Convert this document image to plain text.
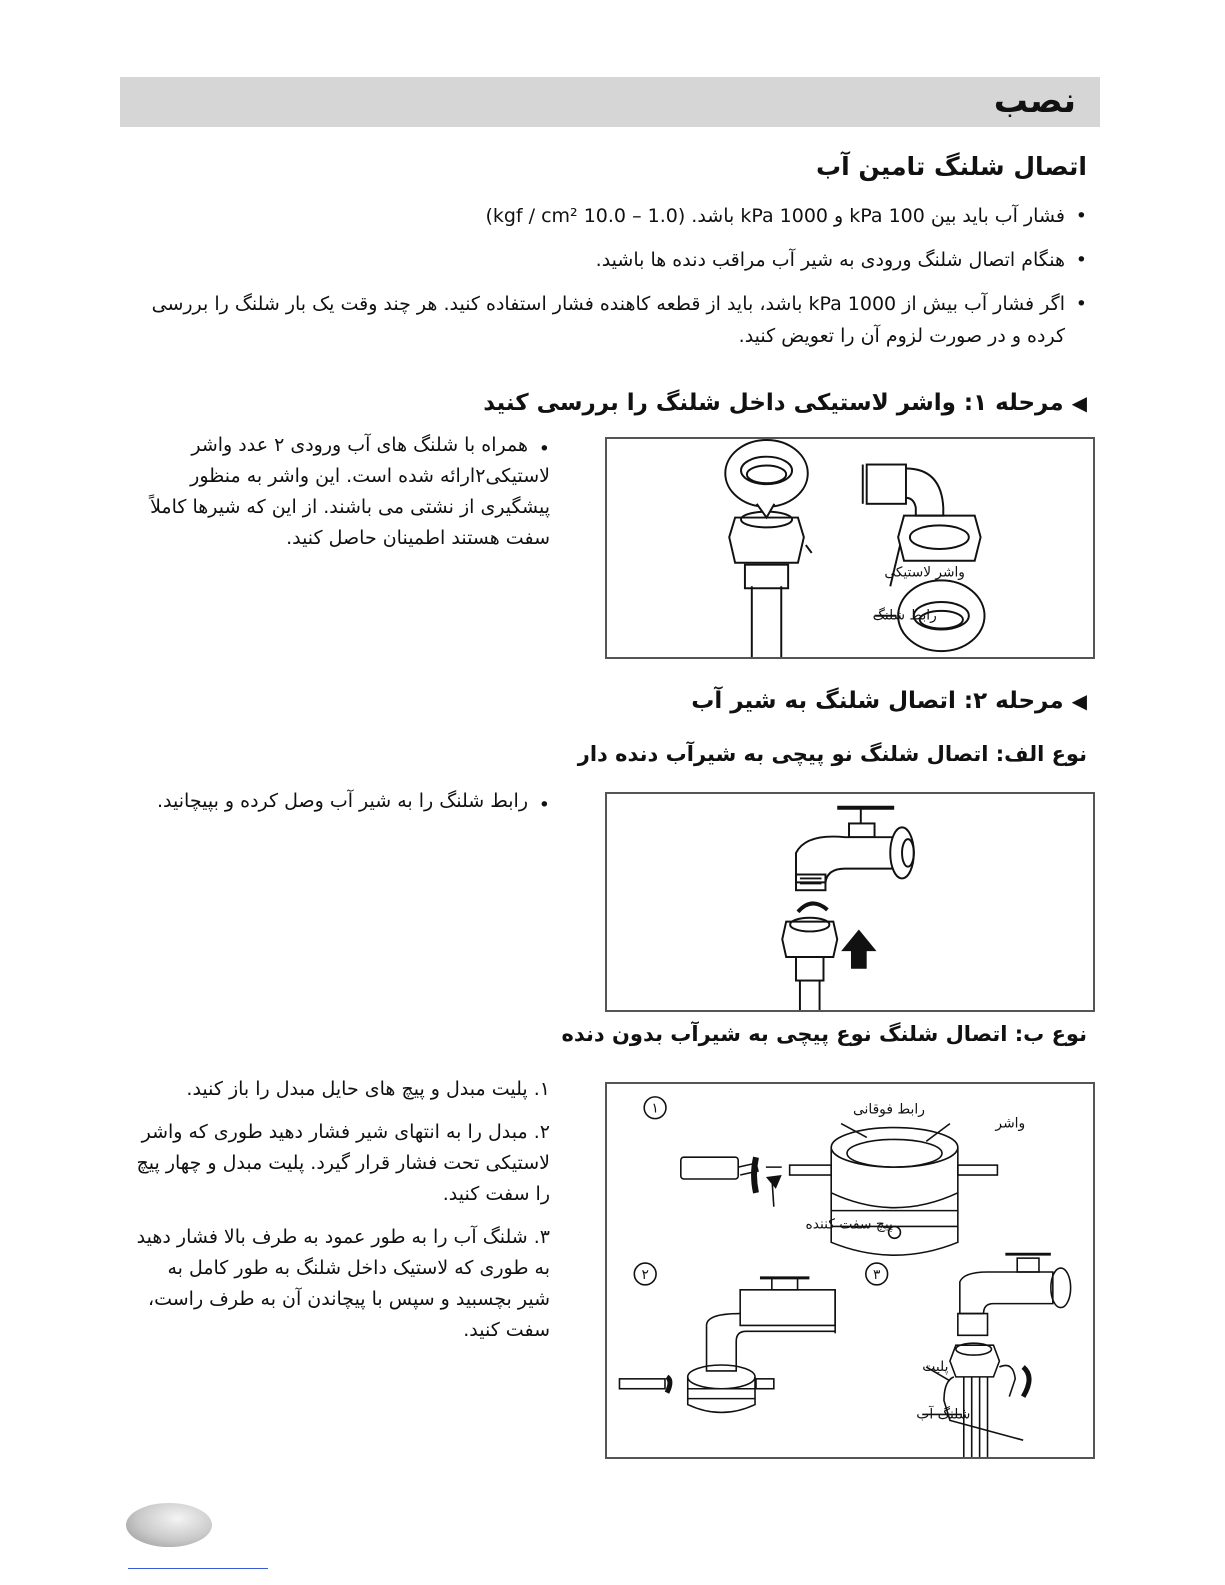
نصب
اتصال شلنگ تامین آب
• فشار آب باید بین 100 kPa و 1000 kPa باشد. (1.0 – 10.0 kgf / cm²)
• هنگام اتصال شلنگ ورودی به شیر آب مراقب دنده ها باشید.
• اگر فشار آب بیش از 1000 kPa باشد، باید از قطعه کاهنده فشار استفاده کنید. هر چند وقت یک بار شلنگ را بررسی کرده و در صورت لزوم آن را تعویض کنید.
◀مرحله ۱: واشر لاستیکی داخل شلنگ را بررسی کنید

• همراه با شلنگ های آب ورودی ۲ عدد واشر لاستیکی۲ارائه شده است. این واشر به منظور پیشگیری از نشتی می باشند. از این که شیرها کاملاً سفت هستند اطمینان حاصل کنید.

واشر لاستیکی
رابط شلنگ
◀مرحله ۲: اتصال شلنگ به شیر آب
نوع الف: اتصال شلنگ نو پیچی به شیرآب دنده دار

• رابط شلنگ را به شیر آب وصل کرده و بپیچانید.

نوع ب: اتصال شلنگ نوع پیچی به شیرآب بدون دنده
۱. پلیت مبدل و پیچ های حایل مبدل را باز کنید.
۲. مبدل را به انتهای شیر فشار دهید طوری که واشر لاستیکی تحت فشار قرار گیرد. پلیت مبدل و چهار پیچ را سفت کنید.
۳. شلنگ آب را به طور عمود به طرف بالا فشار دهید به طوری که لاستیک داخل شلنگ به طور کامل به شیر بچسبید و سپس با پیچاندن آن به طرف راست، سفت کنید.
۱
۲	۳
رابط فوقانی
واشر
پیچ سفت کننده
پلیت
شلنگ آب
